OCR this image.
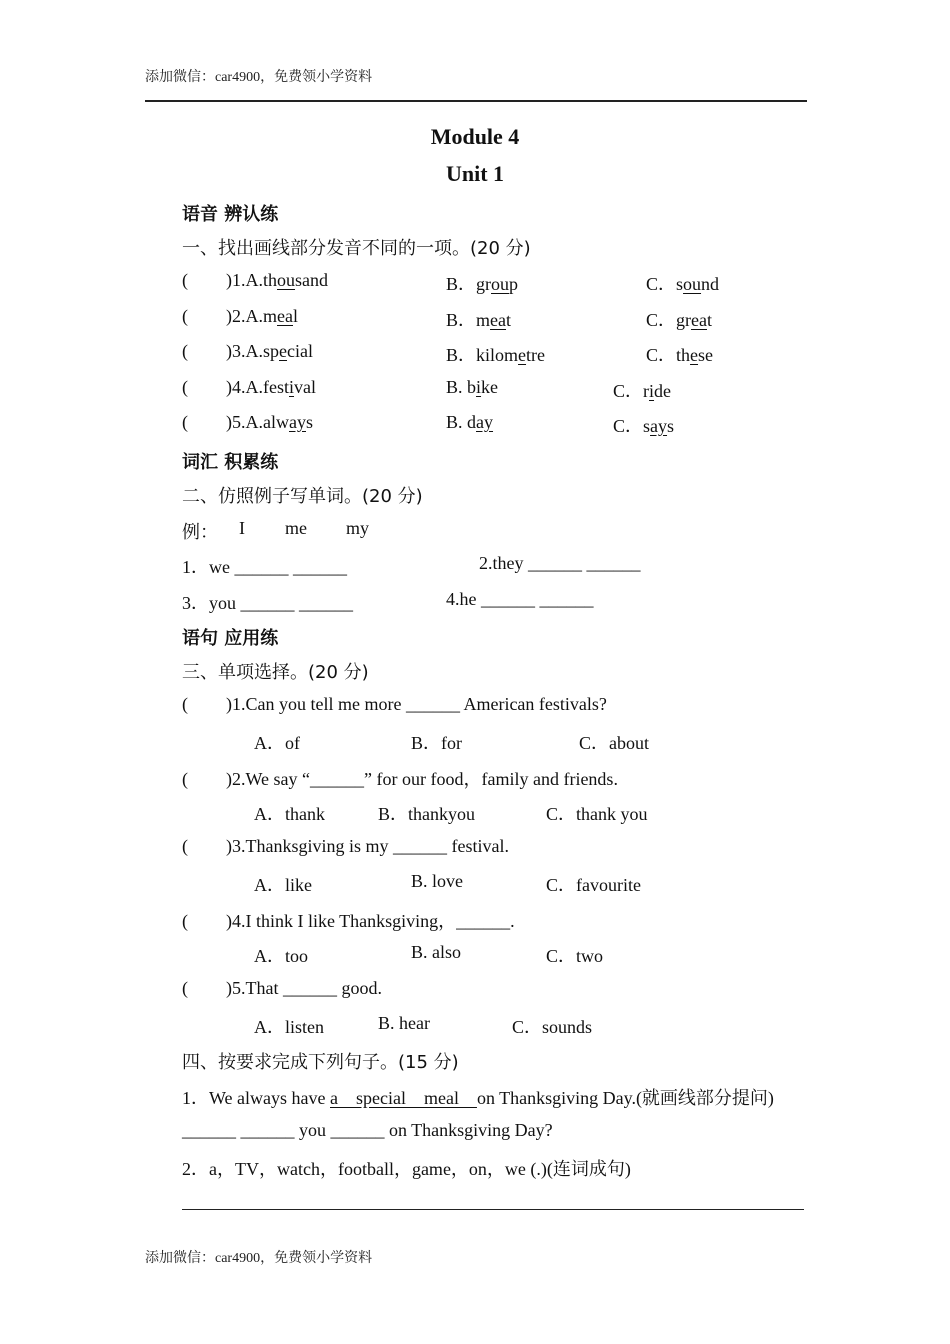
添加微信：car4900，免费领小学资料
Module 4
Unit 1
语音 辨认练
一、找出画线部分发音不同的一项。(20 分)
( )1.A.thousand	B．group	C．sound
( )2.A.meal	B．meat	C．great
( )3.A.special	B．kilometre	C．these
( )4.A.festival	B. bike	C．ride
( )5.A.always	B. day	C．says
词汇 积累练
二、仿照例子写单词。(20 分)
例： I me my
1．we ______ ______	2.they ______ ______
3．you ______ ______	4.he ______ ______
语句 应用练
三、单项选择。(20 分)
( )1.Can you tell me more ______ American festivals?
A．of	B．for	C．about
( )2.We say “______” for our food，family and friends.
A．thank	B．thankyou	C．thank you
( )3.Thanksgiving is my ______ festival.
A．like	B. love	C．favourite
( )4.I think I like Thanksgiving，______.
A．too	B. also	C．two
( )5.That ______ good.
A．listen	B. hear	C．sounds
四、按要求完成下列句子。(15 分)
1．We always have a    special    meal    on Thanksgiving Day.(就画线部分提问)
______ ______ you ______ on Thanksgiving Day?
2．a，TV，watch，football，game，on，we (.)(连词成句)
添加微信：car4900，免费领小学资料
